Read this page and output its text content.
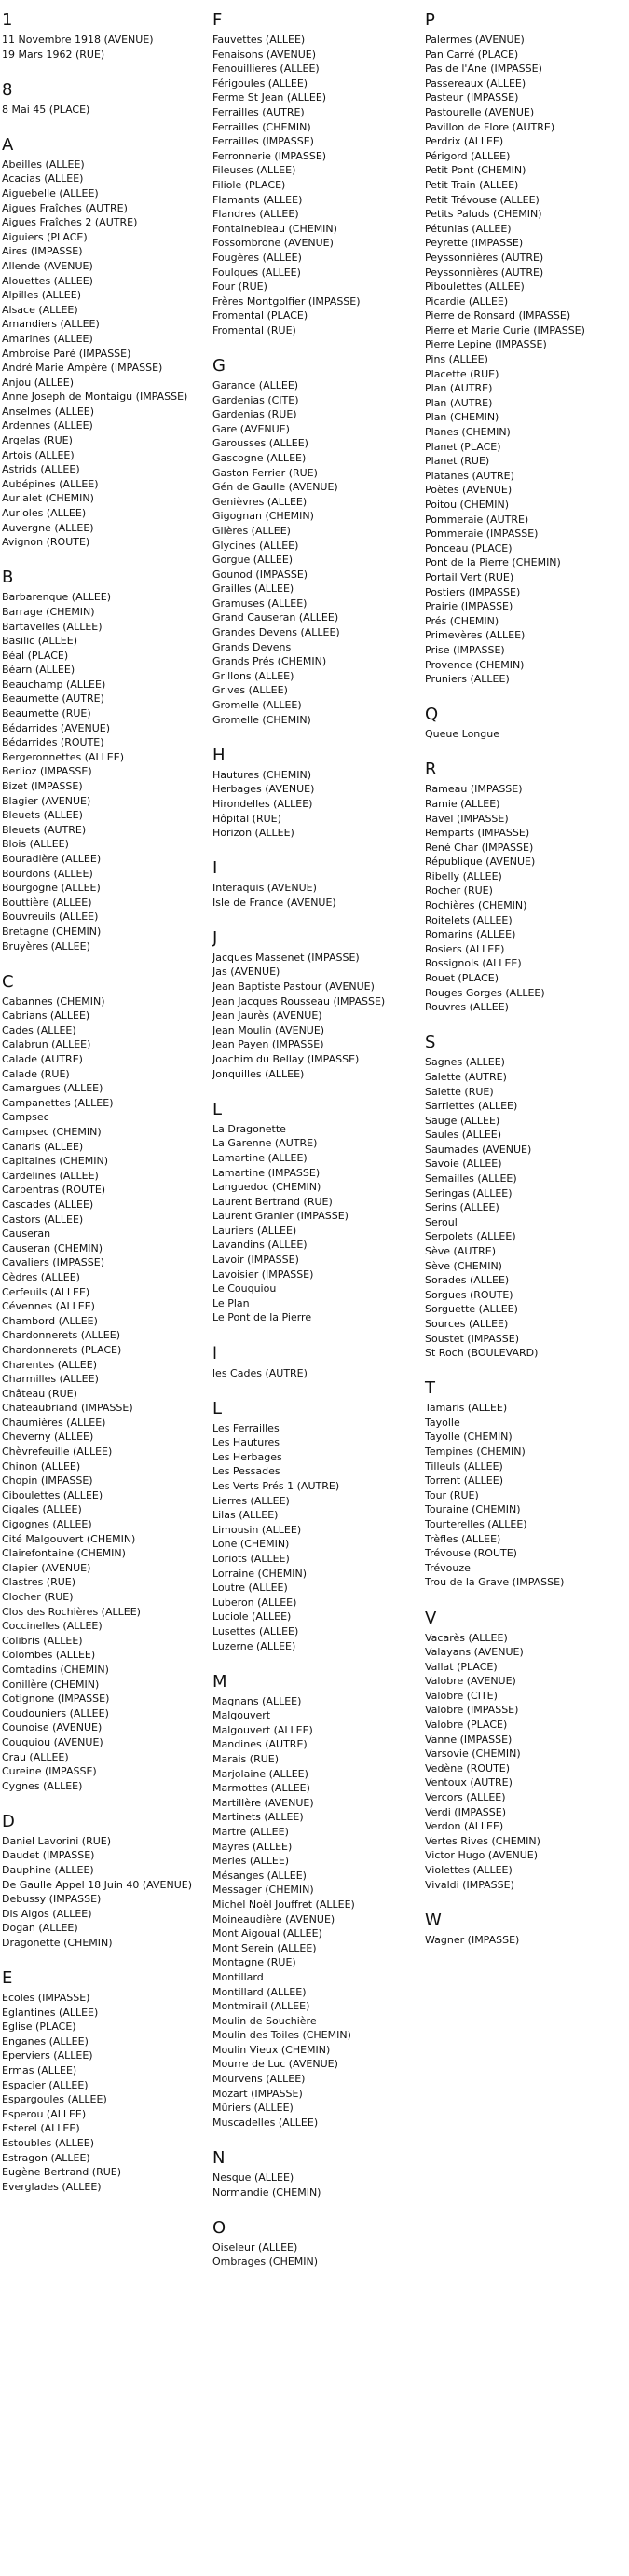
1
11 Novembre 1918 (AVENUE)
19 Mars 1962 (RUE)
8
8 Mai 45 (PLACE)
A
Abeilles (ALLEE)
Acacias (ALLEE)
Aiguebelle (ALLEE)
Aigues Fraîches (AUTRE)
Aigues Fraîches 2 (AUTRE)
Aiguiers (PLACE)
Aires (IMPASSE)
Allende (AVENUE)
Alouettes (ALLEE)
Alpilles (ALLEE)
Alsace (ALLEE)
Amandiers (ALLEE)
Amarines (ALLEE)
Ambroise Paré (IMPASSE)
André Marie Ampère (IMPASSE)
Anjou (ALLEE)
Anne Joseph de Montaigu (IMPASSE)
Anselmes (ALLEE)
Ardennes (ALLEE)
Argelas (RUE)
Artois (ALLEE)
Astrids (ALLEE)
Aubépines (ALLEE)
Aurialet (CHEMIN)
Aurioles (ALLEE)
Auvergne (ALLEE)
Avignon (ROUTE)
B
Barbarenque (ALLEE)
Barrage (CHEMIN)
Bartavelles (ALLEE)
Basilic (ALLEE)
Béal (PLACE)
Béarn (ALLEE)
Beauchamp (ALLEE)
Beaumette (AUTRE)
Beaumette (RUE)
Bédarrides (AVENUE)
Bédarrides (ROUTE)
Bergeronnettes (ALLEE)
Berlioz (IMPASSE)
Bizet (IMPASSE)
Blagier (AVENUE)
Bleuets (ALLEE)
Bleuets (AUTRE)
Blois (ALLEE)
Bouradière (ALLEE)
Bourdons (ALLEE)
Bourgogne (ALLEE)
Bouttière (ALLEE)
Bouvreuils (ALLEE)
Bretagne (CHEMIN)
Bruyères (ALLEE)
C
Cabannes (CHEMIN)
Cabrians (ALLEE)
Cades (ALLEE)
Calabrun (ALLEE)
Calade (AUTRE)
Calade (RUE)
Camargues (ALLEE)
Campanettes (ALLEE)
Campsec
Campsec (CHEMIN)
Canaris (ALLEE)
Capitaines (CHEMIN)
Cardelines (ALLEE)
Carpentras (ROUTE)
Cascades (ALLEE)
Castors (ALLEE)
Causeran
Causeran (CHEMIN)
Cavaliers (IMPASSE)
Cèdres (ALLEE)
Cerfeuils (ALLEE)
Cévennes (ALLEE)
Chambord (ALLEE)
Chardonnerets (ALLEE)
Chardonnerets (PLACE)
Charentes (ALLEE)
Charmilles (ALLEE)
Château (RUE)
Chateaubriand (IMPASSE)
Chaumières (ALLEE)
Cheverny (ALLEE)
Chèvrefeuille (ALLEE)
Chinon (ALLEE)
Chopin (IMPASSE)
Ciboulettes (ALLEE)
Cigales (ALLEE)
Cigognes (ALLEE)
Cité Malgouvert (CHEMIN)
Clairefontaine (CHEMIN)
Clapier (AVENUE)
Clastres (RUE)
Clocher (RUE)
Clos des Rochières (ALLEE)
Coccinelles (ALLEE)
Colibris (ALLEE)
Colombes (ALLEE)
Comtadins (CHEMIN)
Conillère (CHEMIN)
Cotignone (IMPASSE)
Coudouniers (ALLEE)
Counoise (AVENUE)
Couquiou (AVENUE)
Crau (ALLEE)
Cureine (IMPASSE)
Cygnes (ALLEE)
D
Daniel Lavorini (RUE)
Daudet (IMPASSE)
Dauphine (ALLEE)
De Gaulle Appel 18 Juin 40 (AVENUE)
Debussy (IMPASSE)
Dis Aigos (ALLEE)
Dogan (ALLEE)
Dragonette (CHEMIN)
E
Ecoles (IMPASSE)
Eglantines (ALLEE)
Eglise (PLACE)
Enganes (ALLEE)
Eperviers (ALLEE)
Ermas (ALLEE)
Espacier (ALLEE)
Espargoules (ALLEE)
Esperou (ALLEE)
Esterel (ALLEE)
Estoubles (ALLEE)
Estragon (ALLEE)
Eugène Bertrand (RUE)
Everglades (ALLEE)
F
Fauvettes (ALLEE)
Fenaisons (AVENUE)
Fenouillieres (ALLEE)
Férigoules (ALLEE)
Ferme St Jean (ALLEE)
Ferrailles (AUTRE)
Ferrailles (CHEMIN)
Ferrailles (IMPASSE)
Ferronnerie (IMPASSE)
Fileuses (ALLEE)
Filiole (PLACE)
Flamants (ALLEE)
Flandres (ALLEE)
Fontainebleau (CHEMIN)
Fossombrone (AVENUE)
Fougères (ALLEE)
Foulques (ALLEE)
Four (RUE)
Frères Montgolfier (IMPASSE)
Fromental (PLACE)
Fromental (RUE)
G
Garance (ALLEE)
Gardenias (CITE)
Gardenias (RUE)
Gare (AVENUE)
Garousses (ALLEE)
Gascogne (ALLEE)
Gaston Ferrier (RUE)
Gén de Gaulle (AVENUE)
Genièvres (ALLEE)
Gigognan (CHEMIN)
Glières (ALLEE)
Glycines (ALLEE)
Gorgue (ALLEE)
Gounod (IMPASSE)
Grailles (ALLEE)
Gramuses (ALLEE)
Grand Causeran (ALLEE)
Grandes Devens (ALLEE)
Grands Devens
Grands Prés (CHEMIN)
Grillons (ALLEE)
Grives (ALLEE)
Gromelle (ALLEE)
Gromelle (CHEMIN)
H
Hautures (CHEMIN)
Herbages (AVENUE)
Hirondelles (ALLEE)
Hôpital (RUE)
Horizon (ALLEE)
I
Interaquis (AVENUE)
Isle de France (AVENUE)
J
Jacques Massenet (IMPASSE)
Jas (AVENUE)
Jean Baptiste Pastour (AVENUE)
Jean Jacques Rousseau (IMPASSE)
Jean Jaurès (AVENUE)
Jean Moulin (AVENUE)
Jean Payen (IMPASSE)
Joachim du Bellay (IMPASSE)
Jonquilles (ALLEE)
L
La Dragonette
La Garenne (AUTRE)
Lamartine (ALLEE)
Lamartine (IMPASSE)
Languedoc (CHEMIN)
Laurent Bertrand (RUE)
Laurent Granier (IMPASSE)
Lauriers (ALLEE)
Lavandins (ALLEE)
Lavoir (IMPASSE)
Lavoisier (IMPASSE)
Le Couquiou
Le Plan
Le Pont de la Pierre
l
les Cades (AUTRE)
L
Les Ferrailles
Les Hautures
Les Herbages
Les Pessades
Les Verts Prés 1 (AUTRE)
Lierres (ALLEE)
Lilas (ALLEE)
Limousin (ALLEE)
Lone (CHEMIN)
Loriots (ALLEE)
Lorraine (CHEMIN)
Loutre (ALLEE)
Luberon (ALLEE)
Luciole (ALLEE)
Lusettes (ALLEE)
Luzerne (ALLEE)
M
Magnans (ALLEE)
Malgouvert
Malgouvert (ALLEE)
Mandines (AUTRE)
Marais (RUE)
Marjolaine (ALLEE)
Marmottes (ALLEE)
Martillère (AVENUE)
Martinets (ALLEE)
Martre (ALLEE)
Mayres (ALLEE)
Merles (ALLEE)
Mésanges (ALLEE)
Messager (CHEMIN)
Michel Noël Jouffret (ALLEE)
Moineaudière (AVENUE)
Mont Aigoual (ALLEE)
Mont Serein (ALLEE)
Montagne (RUE)
Montillard
Montillard (ALLEE)
Montmirail (ALLEE)
Moulin de Souchière
Moulin des Toiles (CHEMIN)
Moulin Vieux (CHEMIN)
Mourre de Luc (AVENUE)
Mourvens (ALLEE)
Mozart (IMPASSE)
Mûriers (ALLEE)
Muscadelles (ALLEE)
N
Nesque (ALLEE)
Normandie (CHEMIN)
O
Oiseleur (ALLEE)
Ombrages (CHEMIN)
P
Palermes (AVENUE)
Pan Carré (PLACE)
Pas de l'Ane (IMPASSE)
Passereaux (ALLEE)
Pasteur (IMPASSE)
Pastourelle (AVENUE)
Pavillon de Flore (AUTRE)
Perdrix (ALLEE)
Périgord (ALLEE)
Petit Pont (CHEMIN)
Petit Train (ALLEE)
Petit Trévouse (ALLEE)
Petits Paluds (CHEMIN)
Pétunias (ALLEE)
Peyrette (IMPASSE)
Peyssonnières (AUTRE)
Peyssonnières (AUTRE)
Piboulettes (ALLEE)
Picardie (ALLEE)
Pierre de Ronsard (IMPASSE)
Pierre et Marie Curie (IMPASSE)
Pierre Lepine (IMPASSE)
Pins (ALLEE)
Placette (RUE)
Plan (AUTRE)
Plan (AUTRE)
Plan (CHEMIN)
Planes (CHEMIN)
Planet (PLACE)
Planet (RUE)
Platanes (AUTRE)
Poètes (AVENUE)
Poitou (CHEMIN)
Pommeraie (AUTRE)
Pommeraie (IMPASSE)
Ponceau (PLACE)
Pont de la Pierre (CHEMIN)
Portail Vert (RUE)
Postiers (IMPASSE)
Prairie (IMPASSE)
Prés (CHEMIN)
Primevères (ALLEE)
Prise (IMPASSE)
Provence (CHEMIN)
Pruniers (ALLEE)
Q
Queue Longue
R
Rameau (IMPASSE)
Ramie (ALLEE)
Ravel (IMPASSE)
Remparts (IMPASSE)
René Char (IMPASSE)
République (AVENUE)
Ribelly (ALLEE)
Rocher (RUE)
Rochières (CHEMIN)
Roitelets (ALLEE)
Romarins (ALLEE)
Rosiers (ALLEE)
Rossignols (ALLEE)
Rouet (PLACE)
Rouges Gorges (ALLEE)
Rouvres (ALLEE)
S
Sagnes (ALLEE)
Salette (AUTRE)
Salette (RUE)
Sarriettes (ALLEE)
Sauge (ALLEE)
Saules (ALLEE)
Saumades (AVENUE)
Savoie (ALLEE)
Semailles (ALLEE)
Seringas (ALLEE)
Serins (ALLEE)
Seroul
Serpolets (ALLEE)
Sève (AUTRE)
Sève (CHEMIN)
Sorades (ALLEE)
Sorgues (ROUTE)
Sorguette (ALLEE)
Sources (ALLEE)
Soustet (IMPASSE)
St Roch (BOULEVARD)
T
Tamaris (ALLEE)
Tayolle
Tayolle (CHEMIN)
Tempines (CHEMIN)
Tilleuls (ALLEE)
Torrent (ALLEE)
Tour (RUE)
Touraine (CHEMIN)
Tourterelles (ALLEE)
Trèfles (ALLEE)
Trévouse (ROUTE)
Trévouze
Trou de la Grave (IMPASSE)
V
Vacarès (ALLEE)
Valayans (AVENUE)
Vallat (PLACE)
Valobre (AVENUE)
Valobre (CITE)
Valobre (IMPASSE)
Valobre (PLACE)
Vanne (IMPASSE)
Varsovie (CHEMIN)
Vedène (ROUTE)
Ventoux (AUTRE)
Vercors (ALLEE)
Verdi (IMPASSE)
Verdon (ALLEE)
Vertes Rives (CHEMIN)
Victor Hugo (AVENUE)
Violettes (ALLEE)
Vivaldi (IMPASSE)
W
Wagner (IMPASSE)
